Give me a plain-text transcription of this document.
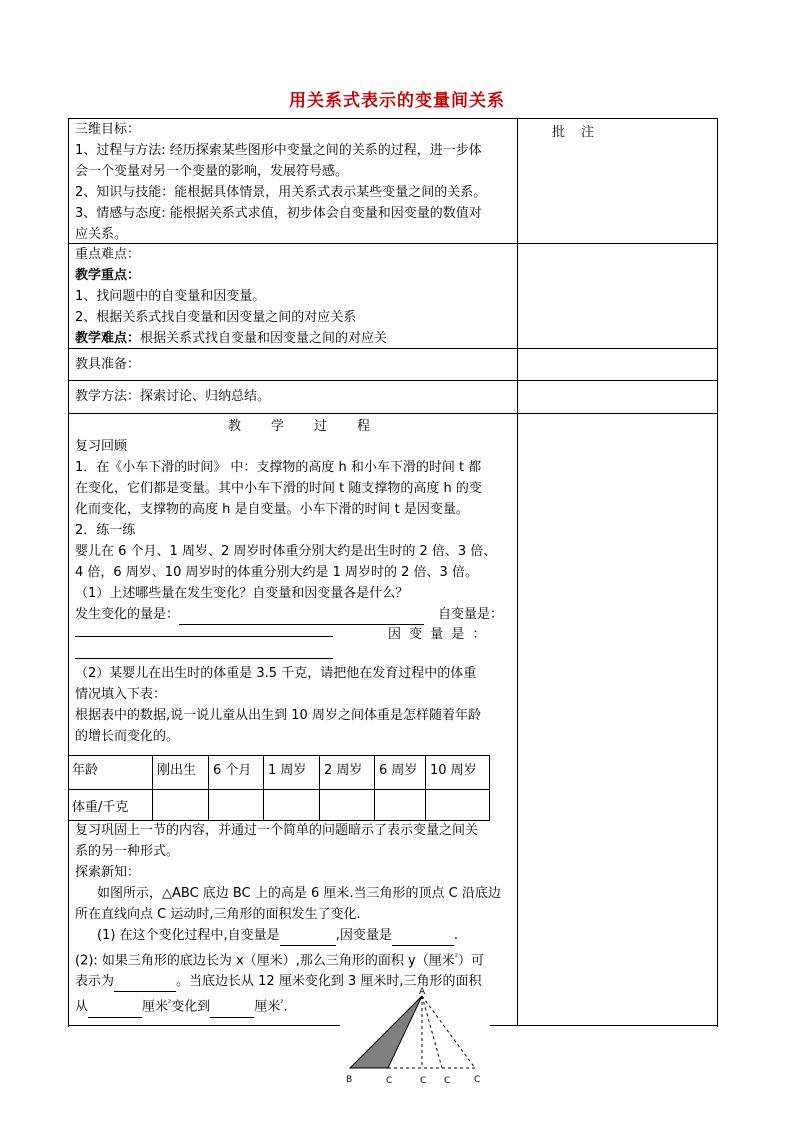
用关系式表示的变量间关系
批注

三维目标：

1、过程与方法: 经历探索某些图形中变量之间的关系的过程，进一步体

会一个变量对另一个变量的影响，发展符号感。

2、知识与技能：能根据具体情景，用关系式表示某些变量之间的关系。

3、情感与态度: 能根据关系式求值，初步体会自变量和因变量的数值对

应关系。

重点难点：

教学重点：

1、找问题中的自变量和因变量。

2、根据关系式找自变量和因变量之间的对应关系

教学难点：根据关系式找自变量和因变量之间的对应关

教具准备：
教学方法：探索讨论、归纳总结。
教学过程

复习回顾

1．在《小车下滑的时间》 中：支撑物的高度 h 和小车下滑的时间 t 都

在变化，它们都是变量。其中小车下滑的时间 t 随支撑物的高度 h 的变

化而变化，支撑物的高度 h 是自变量。小车下滑的时间 t 是因变量。

2．练一练

婴儿在 6 个月、1 周岁、2 周岁时体重分别大约是出生时的 2 倍、3 倍、

4 倍，6 周岁、10 周岁时的体重分别大约是 1 周岁时的 2 倍、3 倍。

（1）上述哪些量在发生变化？自变量和因变量各是什么？

发生变化的量是：	自变量是：
因 变 量 是 ：

（2）某婴儿在出生时的体重是 3.5 千克，请把他在发育过程中的体重

情况填入下表：

根据表中的数据,说一说儿童从出生到 10 周岁之间体重是怎样随着年龄

的增长而变化的。

年龄	刚出生	6 个月	1 周岁	2 周岁	6 周岁	10 周岁
体重/千克						

复习巩固上一节的内容，并通过一个简单的问题暗示了表示变量之间关

系的另一种形式。

探索新知：

如图所示，△ABC 底边 BC 上的高是 6 厘米.当三角形的顶点 C 沿底边

所在直线向点 C 运动时,三角形的面积发生了变化.

(1) 在这个变化过程中,自变量是	,因变量是	.

(2): 如果三角形的底边长为 x（厘米）,那么三角形的面积 y（厘米$^{^2}$）可

表示为	。当底边长从 12 厘米变化到 3 厘米时,三角形的面积

从	厘米$^{^2}$变化到	厘米$^{^2}$.

A
B	C	C C	C
